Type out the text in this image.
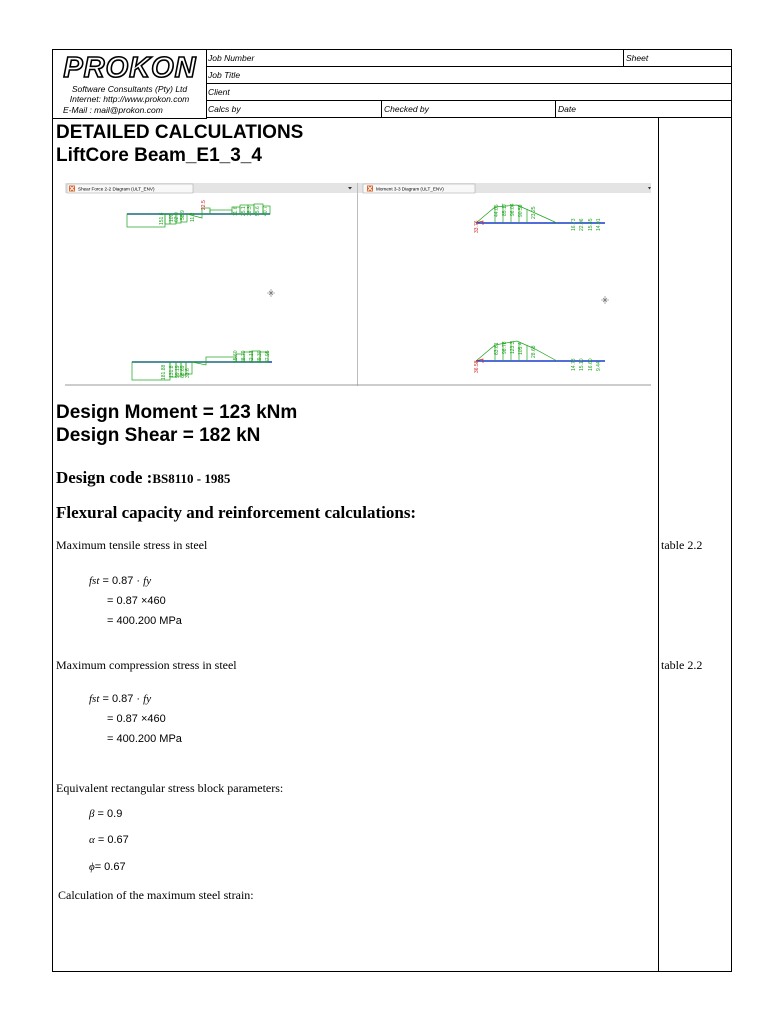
PROKON
Software Consultants (Pty) Ltd
Internet: http://www.prokon.com
E-Mail : mail@prokon.com
Job Number	Sheet
Job Title
Client
Calcs by	Checked by	Date
DETAILED CALCULATIONS
LiftCore Beam_E1_3_4
Shear Force 2-2 Diagram (ULT_ENV)	Moment 3-3 Diagram (ULT_ENV)
151.6 107 62.9 58.9 11.2
22.5
11.6 25.1 38.3 55.6 40.7
181.88 131.8 99.19 68.69 33.6
15.60 28.79 62.13 89.30 87.95
33.76
44.05 85.17 96.04 90.59 23.25
16.73 22.06 15.45 14.91
36.58
63.61 98.78 123.3 105.4 28.68
14.78 15.10 16.60 9.44
Design Moment = 123 kNm
Design Shear = 182 kN
Design code :BS8110 - 1985
Flexural capacity and reinforcement calculations:
Maximum tensile stress in steel	table 2.2
fst = 0.87 · fy
= 0.87 ×460
= 400.200 MPa
Maximum compression stress in steel	table 2.2
fst = 0.87 · fy
= 0.87 ×460
= 400.200 MPa
Equivalent rectangular stress block parameters:
β = 0.9
α = 0.67
ϕ= 0.67
Calculation of the maximum steel strain:
